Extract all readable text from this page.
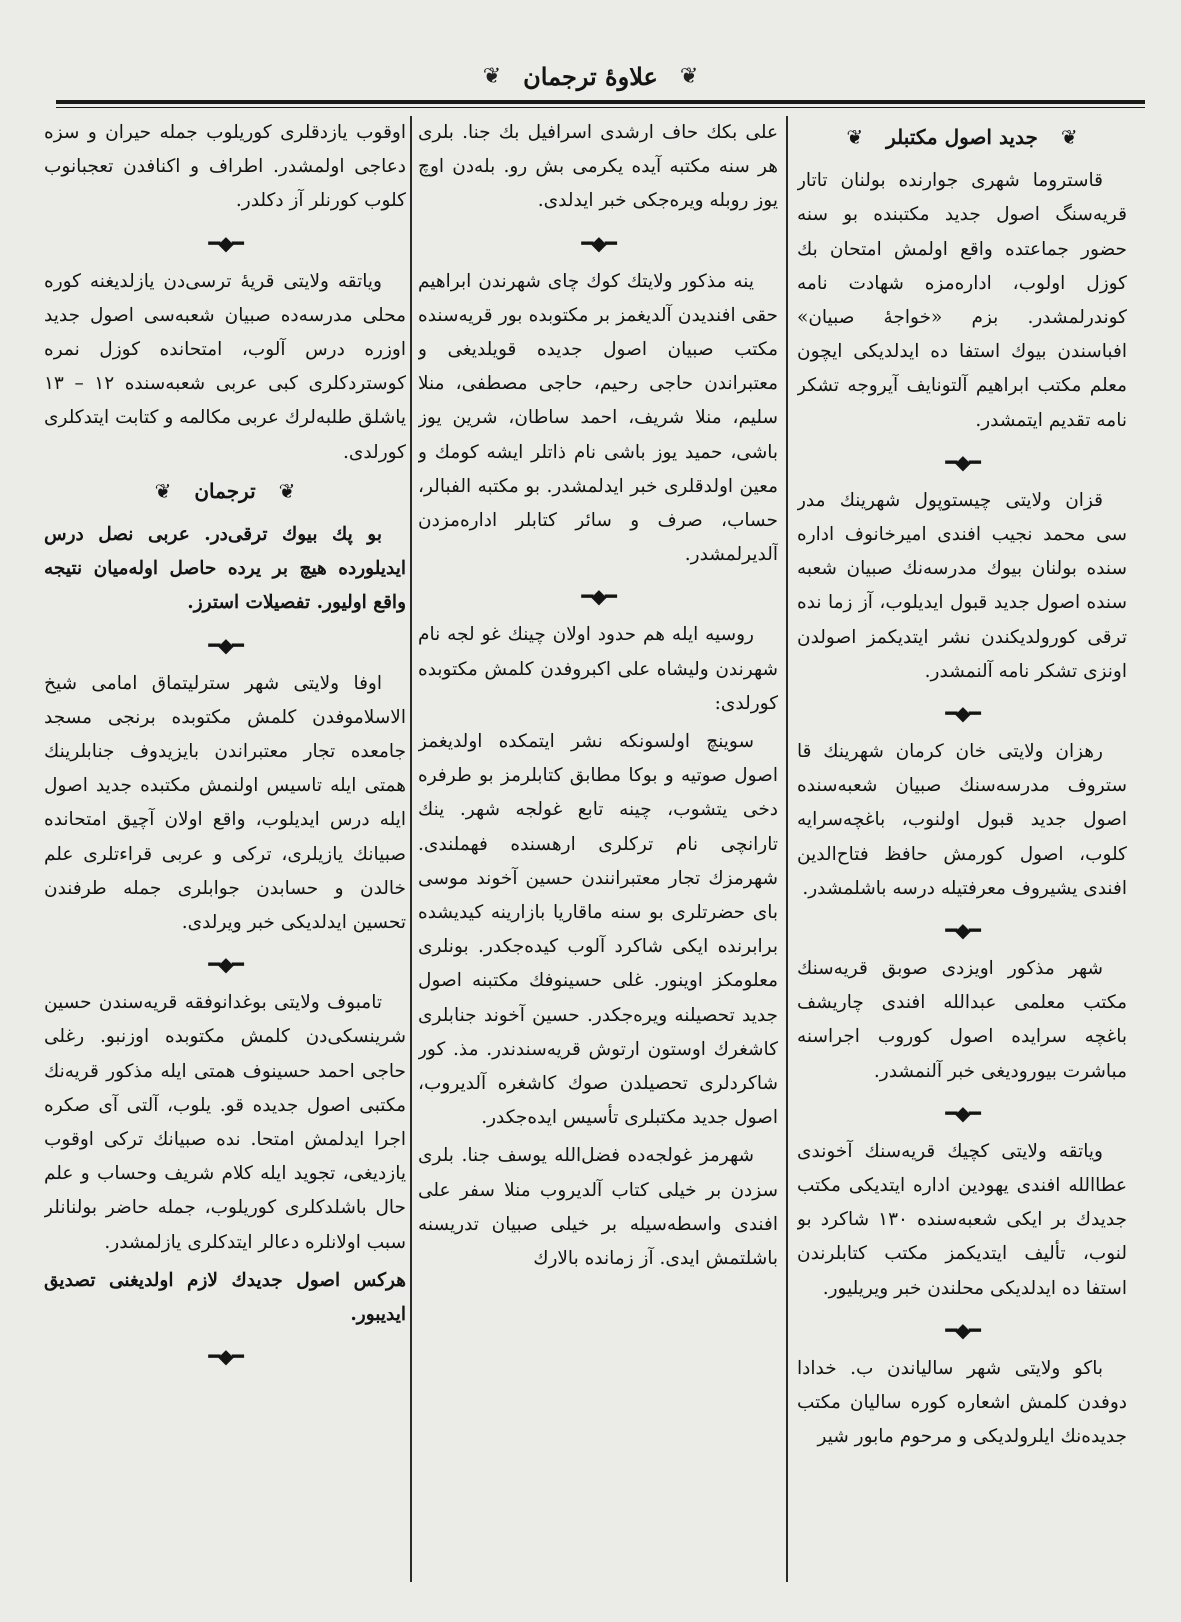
❦ علاوهٔ ترجمان ❦
❦ جدید اصول مکتبلر ❦

قاستروما شهری جوارنده بولنان تاتار قریه‌سنگ اصول جدید مکتبنده بو سنه حضور جماعتده واقع اولمش امتحان بك کوزل اولوب، اداره‌مزه شهادت نامه کوندرلمشدر. بزم «خواجهٔ صبیان» افباسندن بیوك استفا ده ایدلدیکی ایچون معلم مکتب ابراهیم آلتونایف آیروجه تشکر نامه تقدیم ایتمشدر.

━◆━

قزان ولایتی چیستوپول شهرینك مدر سی محمد نجیب افندی امیرخانوف اداره سنده بولنان بیوك مدرسه‌نك صبیان شعبه‌ سنده اصول جدید قبول ایدیلوب، آز زما نده ترقی کورولدیکندن نشر ایتدیکمز اصولدن اونزی تشکر نامه آلنمشدر.

━◆━

رهزان ولایتی خان کرمان شهرینك قا ستروف مدرسه‌سنك صبیان شعبه‌سنده اصول جدید قبول اولنوب، باغچه‌سرایه کلوب، اصول کورمش حافظ فتاح‌الدین افندی یشیروف معرفتیله درسه باشلمشدر.

━◆━

شهر مذکور اویزدی صوبق قریه‌سنك مکتب معلمی عبدالله افندی چاریشف باغچه سرایده اصول کوروب اجراسنه مباشرت بیورودیغی خبر آلنمشدر.

━◆━

ویاتقه ولایتی کچیك قریه‌سنك آخوندی عطاالله افندی یهودین اداره ایتدیکی مکتب جدیدك بر ایکی شعبه‌سنده ١٣٠ شاکرد بو لنوب، تألیف ایتدیکمز مکتب کتابلرندن استفا ده ایدلدیکی محلندن خبر ویریلیور.

━◆━

باکو ولایتی شهر سالیاندن ب. خدادا دوفدن کلمش اشعاره کوره سالیان مکتب جدیده‌نك ایلرولدیکی و مرحوم مابور شیر

علی بکك حاف ارشدی اسرافیل بك جنا. بلری هر سنه مکتبه آیده یکرمی بش رو. بله‌دن اوچ یوز روبله ویره‌جکی خبر ایدلدی.

━◆━

ینه مذکور ولایتك کوك چای شهرندن ابراهیم حقی افندیدن آلدیغمز بر مکتوبده بور قریه‌سنده مکتب صبیان اصول جدیده قویلدیغی و معتبراندن حاجی رحیم، حاجی مصطفی، منلا سلیم، منلا شریف، احمد ساطان، شرین یوز باشی، حمید یوز باشی نام ذاتلر ایشه کومك و معین اولدقلری خبر ایدلمشدر. بو مکتبه الفبالر، حساب، صرف و سائر کتابلر اداره‌مزدن آلدیرلمشدر.

━◆━

روسیه ایله هم حدود اولان چینك غو لجه نام شهرندن ولیشاه علی اکبروفدن کلمش مکتوبده کورلدی:

سوینچ اولسونکه نشر ایتمکده اولدیغمز اصول صوتیه و بوکا مطابق کتابلرمز بو طرفره دخی یتشوب، چینه تابع غولجه شهر. ینك تارانچی نام ترکلری ارهسنده فهملندی. شهرمزك تجار معتبرانندن حسین آخوند موسی بای حضرتلری بو سنه ماقاریا بازارینه کیدیشده برابرنده ایکی شاکرد آلوب کیده‌جکدر. بونلری معلومکز اوینور. غلی حسینوفك مکتبنه اصول جدید تحصیلنه ویره‌جکدر. حسین آخوند جنابلری کاشغرك اوستون ارتوش قریه‌سندندر. مذ. کور شاکردلری تحصیلدن صوك کاشغره آلدیروب، اصول جدید مکتبلری تأسیس ایده‌جکدر.

شهرمز غولجه‌ده فضل‌الله یوسف جنا. بلری سزدن بر خیلی کتاب آلدیروب منلا سفر علی افندی واسطه‌سیله بر خیلی صبیان تدریسنه باشلتمش ایدی. آز زمانده بالارك

اوقوب یازدقلری کوریلوب جمله حیران و سزه دعاجی اولمشدر. اطراف و اکنافدن تعجبانوب کلوب کورنلر آز دکلدر.

━◆━

ویاتقه ولایتی قریهٔ ترسی‌دن یازلدیغنه کوره محلی مدرسه‌ده صبیان شعبه‌سی اصول جدید اوزره درس آلوب، امتحانده کوزل نمره کوستردکلری کبی عربی شعبه‌سنده ١٢ – ١٣ یاشلق طلبه‌لرك عربی مکالمه و کتابت ایتدکلری کورلدی.

❦ ترجمان ❦

بو پك بیوك ترقی‌در. عربی نصل درس ایدیلورده هیچ بر یرده حاصل اوله‌میان نتیجه واقع اولیور. تفصیلات استرز.

━◆━

اوفا ولایتی شهر سترلیتماق امامی شیخ الاسلاموفدن کلمش مکتوبده برنجی مسجد جامعده تجار معتبراندن بایزیدوف جنابلرینك همتی ایله تاسیس اولنمش مکتبده جدید اصول ایله درس ایدیلوب، واقع اولان آچیق امتحانده صبیانك یازیلری، ترکی و عربی قراءتلری علم خالدن و حسابدن جوابلری جمله طرفندن تحسین ایدلدیکی خبر ویرلدی.

━◆━

تامبوف ولایتی بوغدانوفقه قریه‌سندن حسین شرینسکی‌دن کلمش مکتوبده اوزنبو. رغلی حاجی احمد حسینوف همتی ایله مذکور قریه‌نك مکتبی اصول جدیده قو. یلوب، آلتی آی صکره اجرا ایدلمش امتحا. نده صبیانك ترکی اوقوب یازدیغی، تجوید ایله کلام شریف وحساب و علم حال باشلدکلری کوریلوب، جمله حاضر بولنانلر سبب اولانلره دعالر ایتدکلری یازلمشدر.

هرکس اصول جدیدك لازم اولدیغنی تصدیق ایدیبور.

━◆━
